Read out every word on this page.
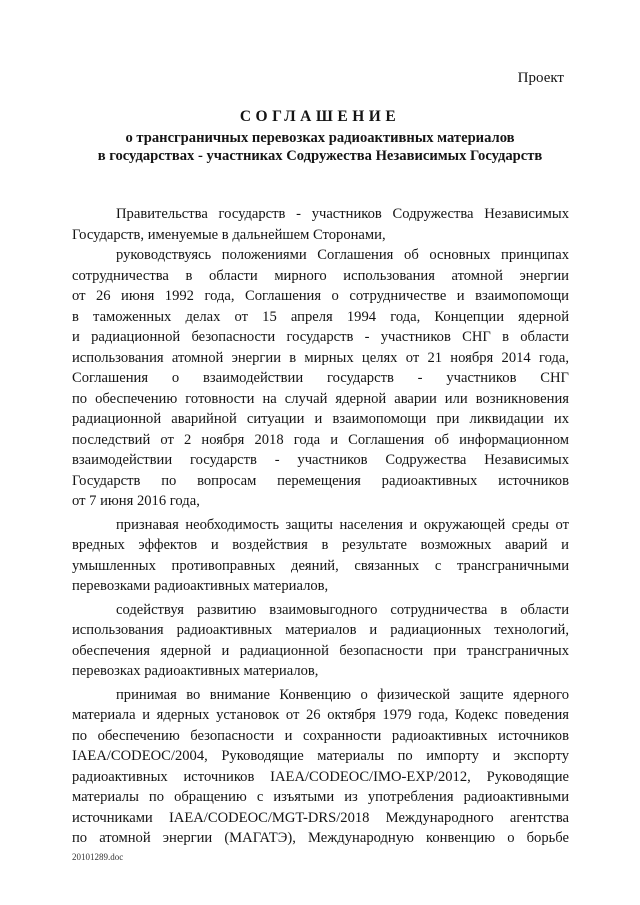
Проект
СОГЛАШЕНИЕ
о трансграничных перевозках радиоактивных материалов
в государствах - участниках Содружества Независимых Государств
Правительства государств - участников Содружества Независимых
Государств, именуемые в дальнейшем Сторонами,
руководствуясь положениями Соглашения об основных принципах
сотрудничества в области мирного использования атомной энергии
от 26 июня 1992 года, Соглашения о сотрудничестве и взаимопомощи
в таможенных делах от 15 апреля 1994 года, Концепции ядерной
и радиационной безопасности государств - участников СНГ в области
использования атомной энергии в мирных целях от 21 ноября 2014 года,
Соглашения о взаимодействии государств - участников СНГ
по обеспечению готовности на случай ядерной аварии или возникновения
радиационной аварийной ситуации и взаимопомощи при ликвидации их
последствий от 2 ноября 2018 года и Соглашения об информационном
взаимодействии государств - участников Содружества Независимых
Государств по вопросам перемещения радиоактивных источников
от 7 июня 2016 года,
признавая необходимость защиты населения и окружающей среды от
вредных эффектов и воздействия в результате возможных аварий и
умышленных противоправных деяний, связанных с трансграничными
перевозками радиоактивных материалов,
содействуя развитию взаимовыгодного сотрудничества в области
использования радиоактивных материалов и радиационных технологий,
обеспечения ядерной и радиационной безопасности при трансграничных
перевозках радиоактивных материалов,
принимая во внимание Конвенцию о физической защите ядерного
материала и ядерных установок от 26 октября 1979 года, Кодекс поведения
по обеспечению безопасности и сохранности радиоактивных источников
IAEA/CODEOC/2004, Руководящие материалы по импорту и экспорту
радиоактивных источников IAEA/CODEOC/IMO-EXP/2012, Руководящие
материалы по обращению с изъятыми из употребления радиоактивными
источниками IAEA/CODEOC/MGT-DRS/2018 Международного агентства
по атомной энергии (МАГАТЭ), Международную конвенцию о борьбе
20101289.doc
